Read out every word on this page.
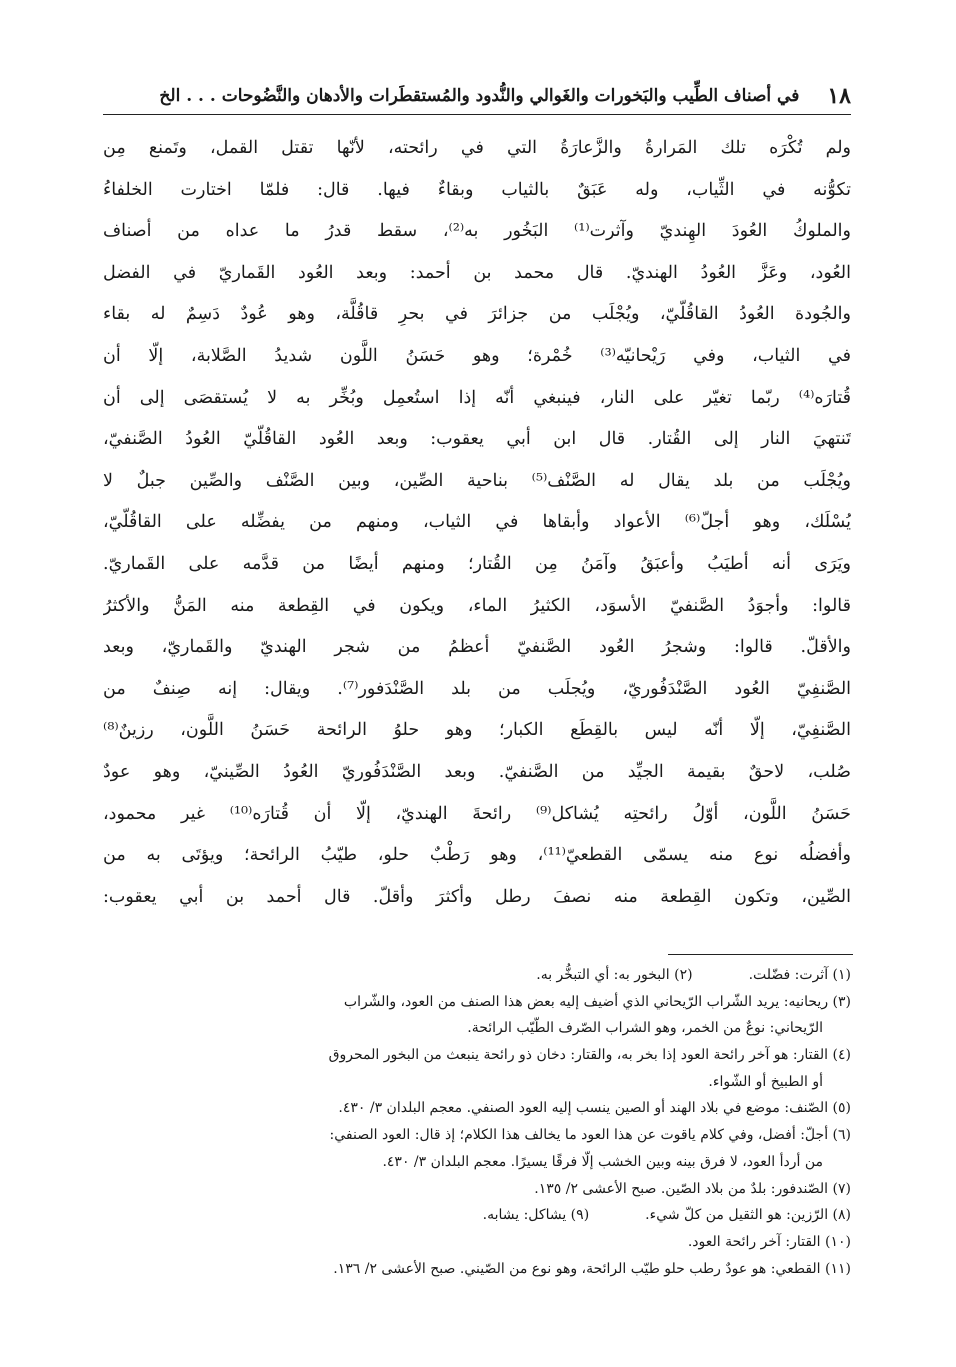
١٨
في أصناف الطِّيب والبَخورات والغَوالي والنُّدود والمُستقطَرات والأدهان والنَّضُوحات . . . الخ
ولم تُكْرَه تلك المَرارةُ والزَّعارَةُ التي في رائحته، لأنّها تقتل القمل، وتَمنع مِن
تكوُّنه في الثِّياب، وله عَبَقٌ بالثياب وبقاءٌ فيها. قال: فلمّا اختارت الخلفاءُ
والملوكُ العُودَ الهِنديّ وآثرت⁽¹⁾ البَخُور به⁽²⁾، سقط قدرُ ما عداه من أصناف
العُود، وعَزَّ العُودُ الهنديّ. قال محمد بن أحمد: وبعد العُود القَماريّ في الفضل
والجُودة العُودُ القاقُلّيّ، ويُجْلَب من جزائرَ في بحرِ قاقُلَّة، وهو عُودٌ دَسِمٌ له بقاء
في الثياب، وفي رَيْحانيّه⁽³⁾ خُمْرة؛ وهو حَسَنُ اللَّون شديدُ الصَّلابة، إلّا أن
قُتارَه⁽⁴⁾ ربّما تغيّر على النار، فينبغي أنّه إذا استُعمِل وبُخِّر به لا يُستقصَى إلى أن
تَنتهيَ النار إلى القُتار. قال ابن أبي يعقوب: وبعد العُود القاقُلّيّ العُودُ الصَّنفيّ،
ويُجْلَب من بلد يقال له الصَّنْف⁽⁵⁾ بناحية الصِّين، وبين الصَّنْف والصِّين جبلٌ لا
يُسْلَك، وهو أجلّ⁽⁶⁾ الأعواد وأبقاها في الثياب، ومنهم من يفضِّله على القاقُلّيّ،
ويَرَى أنه أطيَبُ وأعبَقُ وآمَنُ مِن القُتار؛ ومنهم أيضًا من قدَّمه على القَماريّ.
قالوا: وأجوَدُ الصَّنفيّ الأسوَد، الكثيرُ الماء، ويكون في القِطعة منه المَنُّ والأكثرُ
والأقلّ. قالوا: وشجرُ العُود الصَّنفيّ أعظمُ من شجر الهنديّ والقَماريّ، وبعد
الصَّنفِيّ العُود الصَّنْدَفُوريّ، ويُجلَب من بلد الصَّنْدَفور⁽⁷⁾. ويقال: إنه صِنفٌ من
الصَّنفِيّ، إلّا أنّه ليس بالقِطَع الكبار؛ وهو حلوُ الرائحة حَسَنُ اللَّون، رزينٌ⁽⁸⁾
صُلب، لاحقٌ بقيمة الجيِّد من الصَّنفيّ. وبعد الصَّنْدَفُوريّ العُودُ الصِّينيّ، وهو عودٌ
حَسَنُ اللَّون، أوّلُ رائحتِه يُشاكل⁽⁹⁾ رائحةَ الهنديّ، إلّا أن قُتارَه⁽¹⁰⁾ غير محمود،
وأفضلُه نوع منه يسمّى القطعيّ⁽¹¹⁾، وهو رَطْبٌ حلو، طيّبُ الرائحة؛ ويؤتَى به من
الصِّين، وتكون القِطعة منه نصفَ رطل وأكثرَ وأقلّ. قال أحمد بن أبي يعقوب:
(١) آثرت: فضّلت.
(٢) البخور به: أي التبخُّر به.
(٣) ريحانيه: يريد الشّراب الرّيحاني الذي أضيف إليه بعض هذا الصنف من العود، والشّراب
الرّيحاني: نوعٌ من الخمر، وهو الشراب الصّرف الطّيّب الرائحة.
(٤) القتار: هو آخر رائحة العود إذا بخر به، والقتار: دخان ذو رائحة ينبعث من البخور المحروق
أو الطبيخ أو الشّواء.
(٥) الصّنف: موضع في بلاد الهند أو الصين ينسب إليه العود الصنفي. معجم البلدان ٣/ ٤٣٠.
(٦) أجلّ: أفضل، وفي كلام ياقوت عن هذا العود ما يخالف هذا الكلام؛ إذ قال: العود الصنفي:
من أردأ العود، لا فرق بينه وبين الخشب إلّا فرقًا يسيرًا. معجم البلدان ٣/ ٤٣٠.
(٧) الصّندفور: بلدٌ من بلاد الصّين. صبح الأعشى ٢/ ١٣٥.
(٨) الرّزين: هو الثقيل من كلّ شيء.
(٩) يشاكل: يشابه.
(١٠) القتار: آخر رائحة العود.
(١١) القطعي: هو عودٌ رطب حلو طيّب الرائحة، وهو نوع من الصّيني. صبح الأعشى ٢/ ١٣٦.
